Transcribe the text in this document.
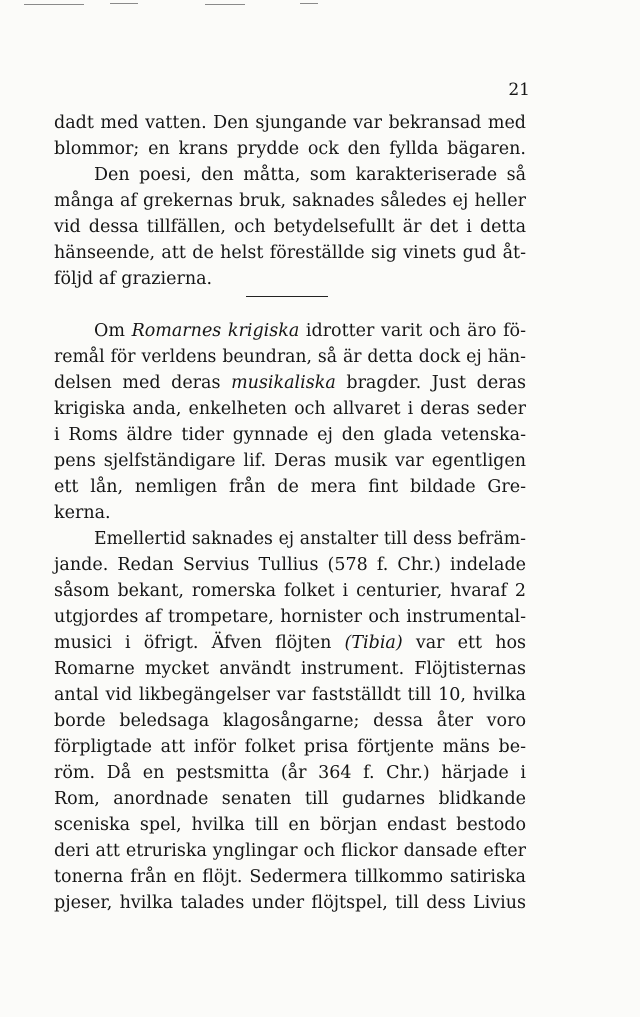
21
dadt med vatten. Den sjungande var bekransad med
blommor; en krans prydde ock den fyllda bägaren.
Den poesi, den måtta, som karakteriserade så
många af grekernas bruk, saknades således ej heller
vid dessa tillfällen, och betydelsefullt är det i detta
hänseende, att de helst föreställde sig vinets gud åt-
följd af grazierna.
Om Romarnes krigiska idrotter varit och äro fö-
remål för verldens beundran, så är detta dock ej hän-
delsen med deras musikaliska bragder. Just deras
krigiska anda, enkelheten och allvaret i deras seder
i Roms äldre tider gynnade ej den glada vetenska-
pens sjelfständigare lif. Deras musik var egentligen
ett lån, nemligen från de mera fint bildade Gre-
kerna.
Emellertid saknades ej anstalter till dess befräm-
jande. Redan Servius Tullius (578 f. Chr.) indelade
såsom bekant, romerska folket i centurier, hvaraf 2
utgjordes af trompetare, hornister och instrumental-
musici i öfrigt. Äfven flöjten (Tibia) var ett hos
Romarne mycket användt instrument. Flöjtisternas
antal vid likbegängelser var fastställdt till 10, hvilka
borde beledsaga klagosångarne; dessa åter voro
förpligtade att inför folket prisa förtjente mäns be-
röm. Då en pestsmitta (år 364 f. Chr.) härjade i
Rom, anordnade senaten till gudarnes blidkande
sceniska spel, hvilka till en början endast bestodo
deri att etruriska ynglingar och flickor dansade efter
tonerna från en flöjt. Sedermera tillkommo satiriska
pjeser, hvilka talades under flöjtspel, till dess Livius
